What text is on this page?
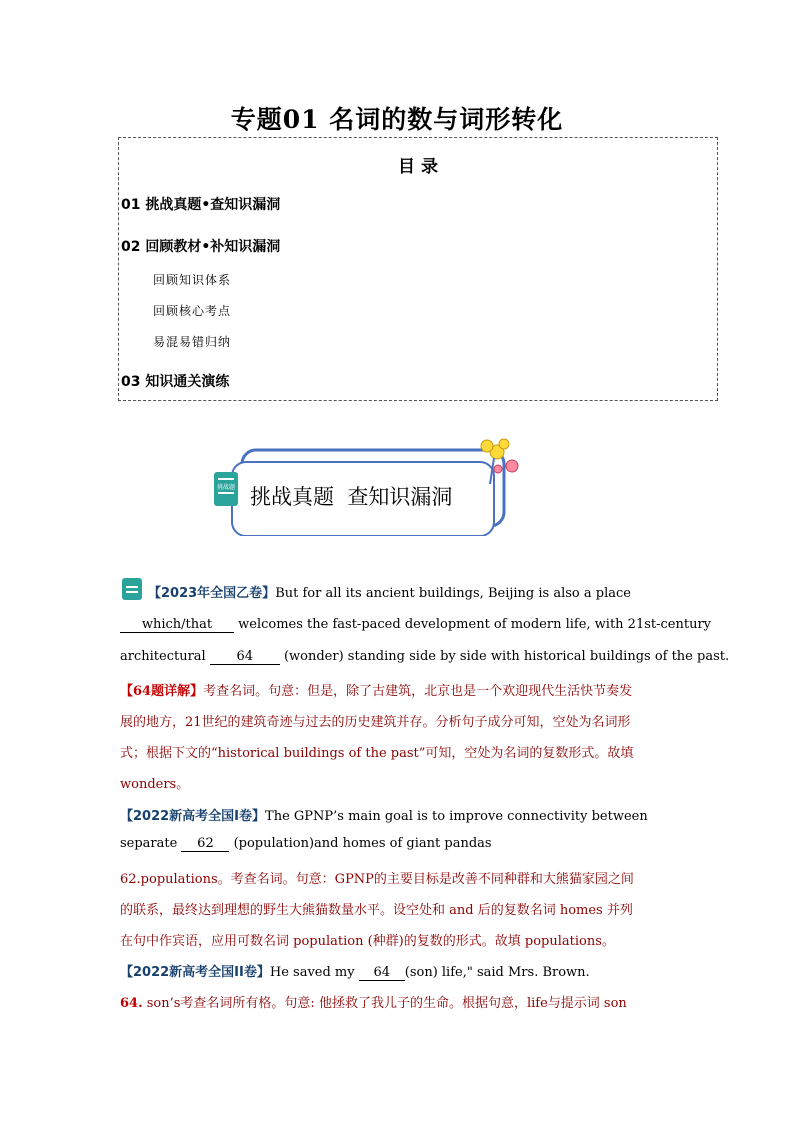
专题01 名词的数与词形转化
目 录
01 挑战真题•查知识漏洞
02 回顾教材•补知识漏洞
回顾知识体系
回顾核心考点
易混易错归纳
03 知识通关演练
挑战题 挑战真题  查知识漏洞
【2023年全国乙卷】But for all its ancient buildings, Beijing is also a place
which/that welcomes the fast-paced development of modern life, with 21st-century
architectural 64 (wonder) standing side by side with historical buildings of the past.
【64题详解】考查名词。句意：但是，除了古建筑，北京也是一个欢迎现代生活快节奏发
展的地方，21世纪的建筑奇迹与过去的历史建筑并存。分析句子成分可知，空处为名词形
式；根据下文的“historical buildings of the past”可知，空处为名词的复数形式。故填
wonders。
【2022新高考全国Ⅰ卷】The GPNP’s main goal is to improve connectivity between
separate 62 (population)and homes of giant pandas
62.populations。考查名词。句意：GPNP的主要目标是改善不同种群和大熊猫家园之间
的联系，最终达到理想的野生大熊猫数量水平。设空处和 and 后的复数名词 homes 并列
在句中作宾语，应用可数名词 population (种群)的复数的形式。故填 populations。
【2022新高考全国II卷】He saved my 64 (son) life," said Mrs. Brown.
64. son’s考查名词所有格。句意: 他拯救了我儿子的生命。根据句意，life与提示词 son
